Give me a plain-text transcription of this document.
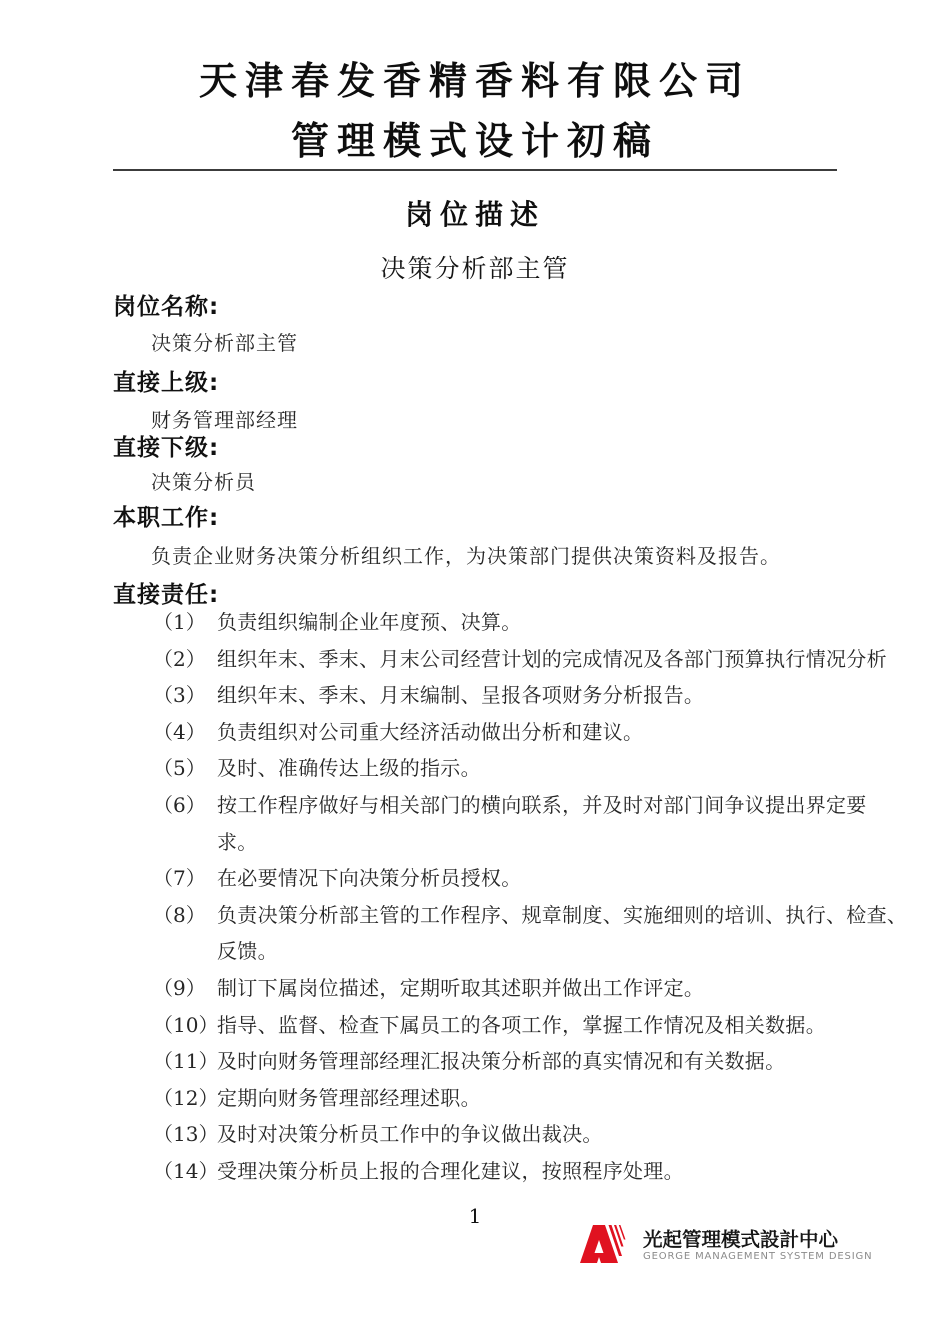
天津春发香精香料有限公司
管理模式设计初稿
岗位描述
决策分析部主管
岗位名称:
决策分析部主管
直接上级:
财务管理部经理
直接下级:
决策分析员
本职工作:
负责企业财务决策分析组织工作，为决策部门提供决策资料及报告。
直接责任:
（1） 负责组织编制企业年度预、决算。
（2） 组织年末、季末、月末公司经营计划的完成情况及各部门预算执行情况分析
（3） 组织年末、季末、月末编制、呈报各项财务分析报告。
（4） 负责组织对公司重大经济活动做出分析和建议。
（5） 及时、准确传达上级的指示。
（6） 按工作程序做好与相关部门的横向联系，并及时对部门间争议提出界定要
求。
（7） 在必要情况下向决策分析员授权。
（8） 负责决策分析部主管的工作程序、规章制度、实施细则的培训、执行、检查、
反馈。
（9） 制订下属岗位描述，定期听取其述职并做出工作评定。
（10）
指导、监督、检查下属员工的各项工作，掌握工作情况及相关数据。
（11）
及时向财务管理部经理汇报决策分析部的真实情况和有关数据。
（12）
定期向财务管理部经理述职。
（13）
及时对决策分析员工作中的争议做出裁决。
（14）
受理决策分析员上报的合理化建议，按照程序处理。
1
光起管理模式設計中心
GEORGE MANAGEMENT SYSTEM DESIGN
